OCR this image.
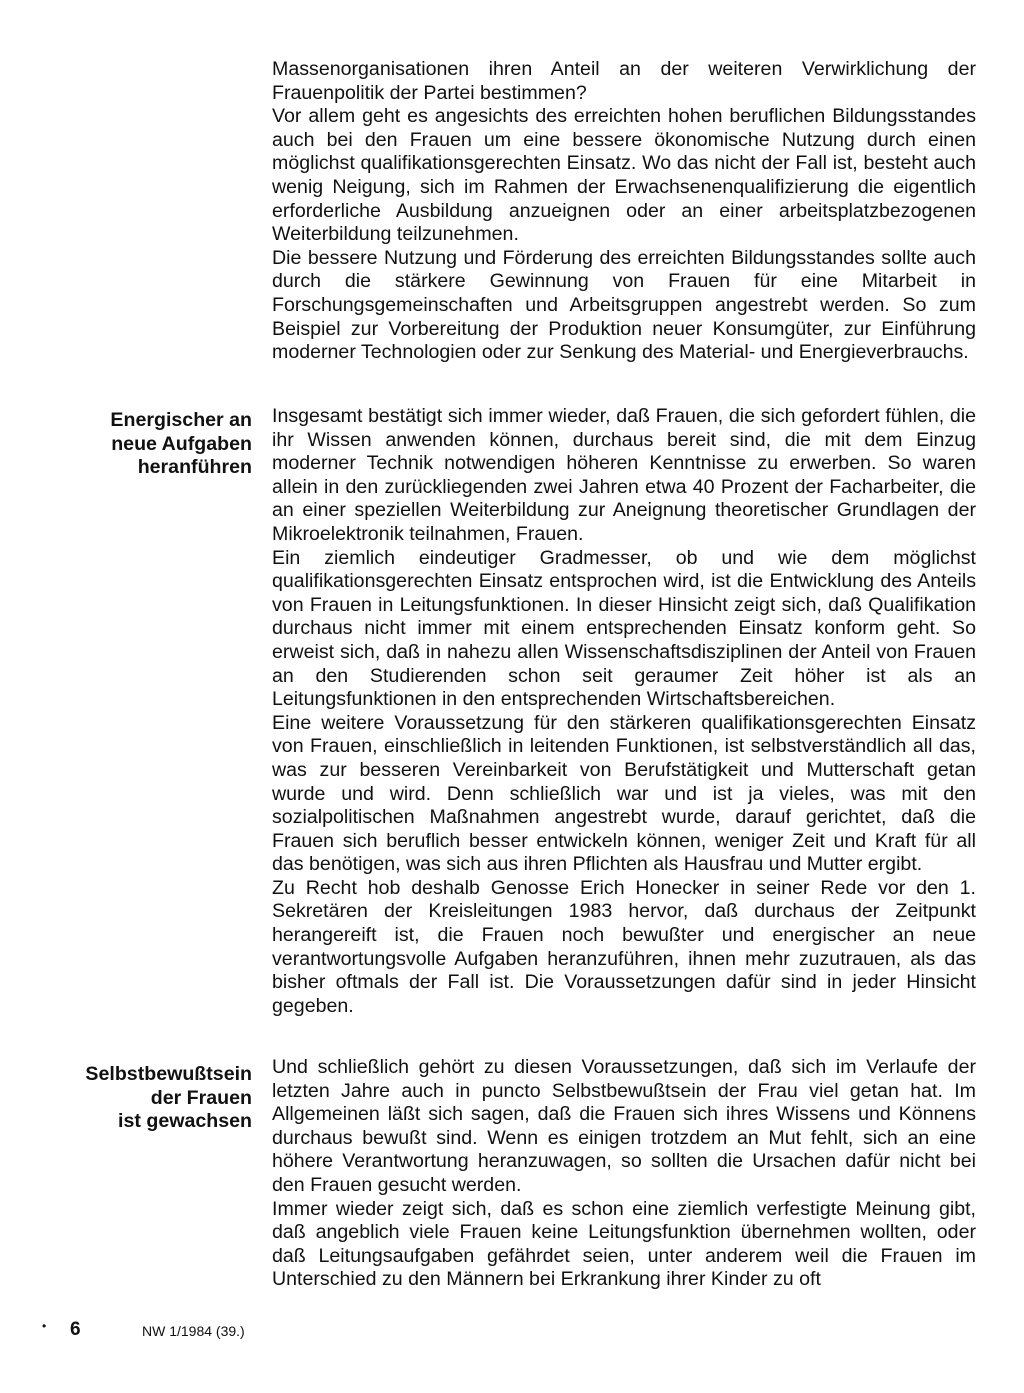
Massenorganisationen ihren Anteil an der weiteren Verwirklichung der Frauenpolitik der Partei bestimmen?

Vor allem geht es angesichts des erreichten hohen beruflichen Bildungsstandes auch bei den Frauen um eine bessere ökonomische Nutzung durch einen möglichst qualifikationsgerechten Einsatz. Wo das nicht der Fall ist, besteht auch wenig Neigung, sich im Rahmen der Erwachsenenqualifizierung die eigentlich erforderliche Ausbildung anzueignen oder an einer arbeitsplatzbezogenen Weiterbildung teilzunehmen.

Die bessere Nutzung und Förderung des erreichten Bildungsstandes sollte auch durch die stärkere Gewinnung von Frauen für eine Mitarbeit in Forschungsgemeinschaften und Arbeitsgruppen angestrebt werden. So zum Beispiel zur Vorbereitung der Produktion neuer Konsumgüter, zur Einführung moderner Technologien oder zur Senkung des Material- und Energieverbrauchs.

Energischer an
neue Aufgaben
heranführen

Insgesamt bestätigt sich immer wieder, daß Frauen, die sich gefordert fühlen, die ihr Wissen anwenden können, durchaus bereit sind, die mit dem Einzug moderner Technik notwendigen höheren Kenntnisse zu erwerben. So waren allein in den zurückliegenden zwei Jahren etwa 40 Prozent der Facharbeiter, die an einer speziellen Weiterbildung zur Aneignung theoretischer Grundlagen der Mikroelektronik teilnahmen, Frauen.

Ein ziemlich eindeutiger Gradmesser, ob und wie dem möglichst qualifikationsgerechten Einsatz entsprochen wird, ist die Entwicklung des Anteils von Frauen in Leitungsfunktionen. In dieser Hinsicht zeigt sich, daß Qualifikation durchaus nicht immer mit einem entsprechenden Einsatz konform geht. So erweist sich, daß in nahezu allen Wissenschaftsdisziplinen der Anteil von Frauen an den Studierenden schon seit geraumer Zeit höher ist als an Leitungsfunktionen in den entsprechenden Wirtschaftsbereichen.

Eine weitere Voraussetzung für den stärkeren qualifikationsgerechten Einsatz von Frauen, einschließlich in leitenden Funktionen, ist selbstverständlich all das, was zur besseren Vereinbarkeit von Berufstätigkeit und Mutterschaft getan wurde und wird. Denn schließlich war und ist ja vieles, was mit den sozialpolitischen Maßnahmen angestrebt wurde, darauf gerichtet, daß die Frauen sich beruflich besser entwickeln können, weniger Zeit und Kraft für all das benötigen, was sich aus ihren Pflichten als Hausfrau und Mutter ergibt.

Zu Recht hob deshalb Genosse Erich Honecker in seiner Rede vor den 1. Sekretären der Kreisleitungen 1983 hervor, daß durchaus der Zeitpunkt herangereift ist, die Frauen noch bewußter und energischer an neue verantwortungsvolle Aufgaben heranzuführen, ihnen mehr zuzutrauen, als das bisher oftmals der Fall ist. Die Voraussetzungen dafür sind in jeder Hinsicht gegeben.

Selbstbewußtsein
der Frauen
ist gewachsen

Und schließlich gehört zu diesen Voraussetzungen, daß sich im Verlaufe der letzten Jahre auch in puncto Selbstbewußtsein der Frau viel getan hat. Im Allgemeinen läßt sich sagen, daß die Frauen sich ihres Wissens und Könnens durchaus bewußt sind. Wenn es einigen trotzdem an Mut fehlt, sich an eine höhere Verantwortung heranzuwagen, so sollten die Ursachen dafür nicht bei den Frauen gesucht werden.

Immer wieder zeigt sich, daß es schon eine ziemlich verfestigte Meinung gibt, daß angeblich viele Frauen keine Leitungsfunktion übernehmen wollten, oder daß Leitungsaufgaben gefährdet seien, unter anderem weil die Frauen im Unterschied zu den Männern bei Erkrankung ihrer Kinder zu oft

• 6	NW 1/1984 (39.)
